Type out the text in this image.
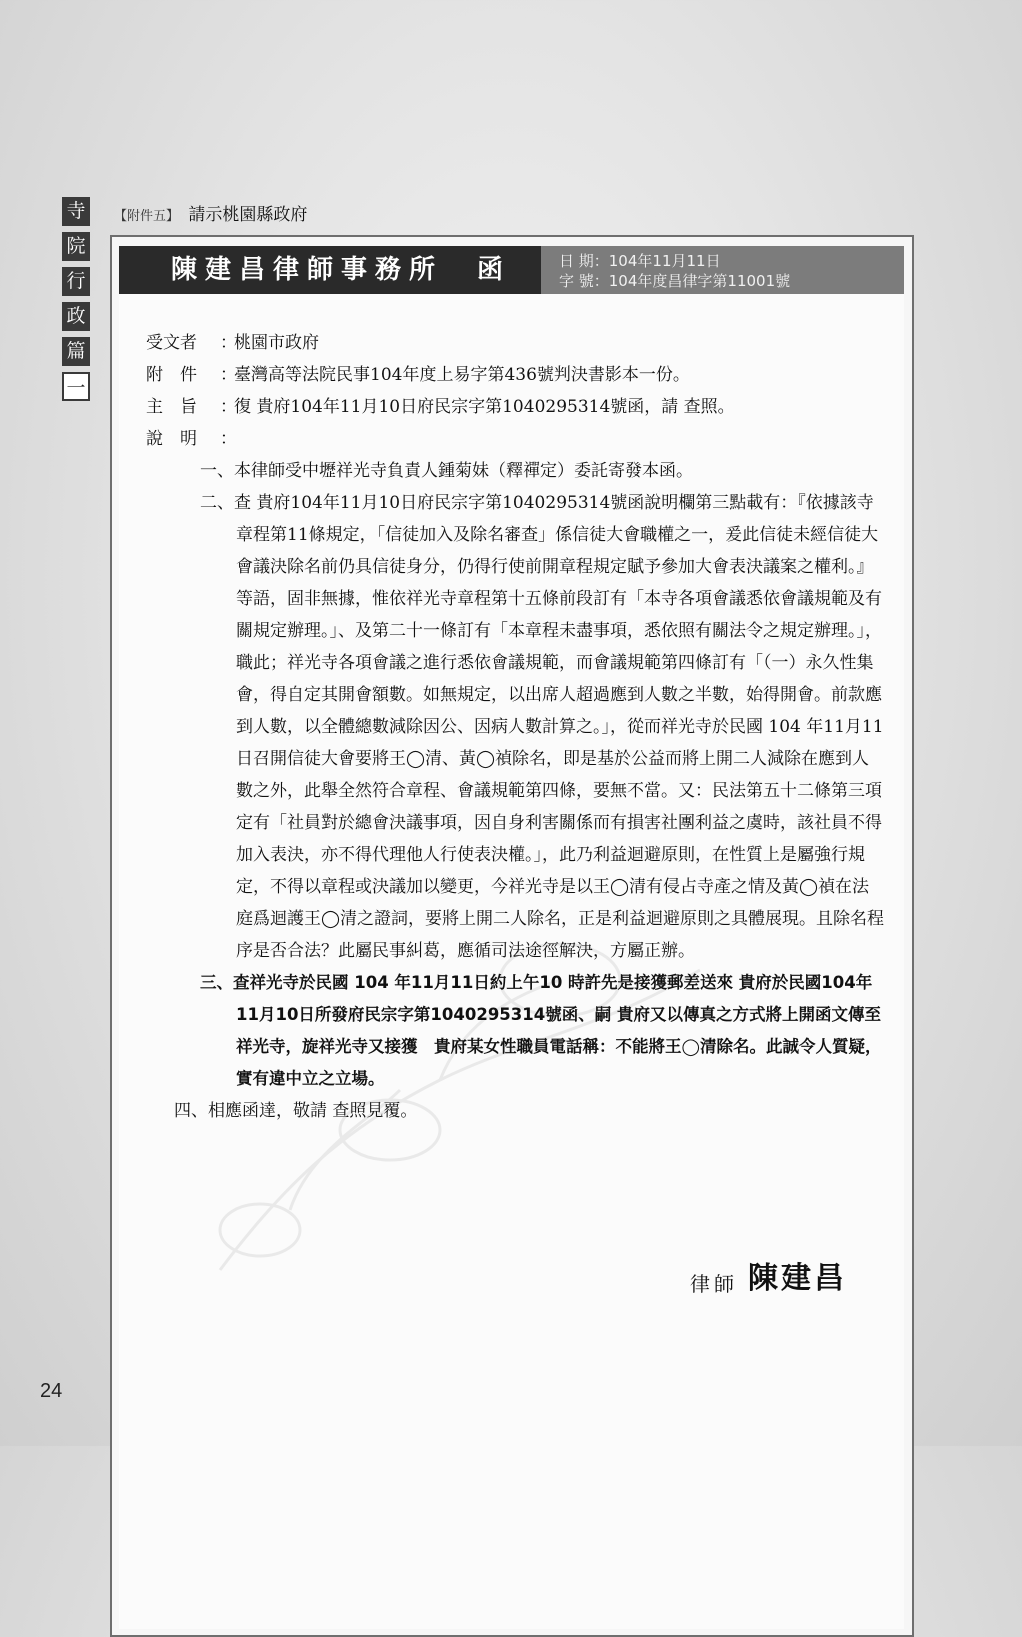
寺
院
行
政
篇
一
【附件五】 請示桃園縣政府
陳建昌律師事務所　函	日 期：104年11月11日
字 號：104年度昌律字第11001號
受文者	：
桃園市政府
附　件	：
臺灣高等法院民事104年度上易字第436號判決書影本一份。
主　旨	：
復 貴府104年11月10日府民宗字第1040295314號函，請 查照。
說　明	：

一、本律師受中壢祥光寺負責人鍾菊妹（釋禪定）委託寄發本函。

二、查 貴府104年11月10日府民宗字第1040295314號函說明欄第三點載有：『依據該寺章程第11條規定，「信徒加入及除名審查」係信徒大會職權之一，爰此信徒未經信徒大會議決除名前仍具信徒身分，仍得行使前開章程規定賦予參加大會表決議案之權利。』等語，固非無據，惟依祥光寺章程第十五條前段訂有「本寺各項會議悉依會議規範及有關規定辦理。」、及第二十一條訂有「本章程未盡事項，悉依照有關法令之規定辦理。」，職此；祥光寺各項會議之進行悉依會議規範，而會議規範第四條訂有「（一）永久性集會，得自定其開會額數。如無規定，以出席人超過應到人數之半數，始得開會。前款應到人數，以全體總數減除因公、因病人數計算之。」，從而祥光寺於民國 104 年11月11日召開信徒大會要將王◯清、黃◯禎除名，即是基於公益而將上開二人減除在應到人數之外，此舉全然符合章程、會議規範第四條，要無不當。又：民法第五十二條第三項定有「社員對於總會決議事項，因自身利害關係而有損害社團利益之虞時，該社員不得加入表決，亦不得代理他人行使表決權。」，此乃利益迴避原則，在性質上是屬強行規定，不得以章程或決議加以變更，今祥光寺是以王◯清有侵占寺產之情及黃◯禎在法庭爲迴護王◯清之證詞，要將上開二人除名，正是利益迴避原則之具體展現。且除名程序是否合法？此屬民事糾葛，應循司法途徑解決，方屬正辦。

三、查祥光寺於民國 104 年11月11日約上午10 時許先是接獲郵差送來 貴府於民國104年11月10日所發府民宗字第1040295314號函、嗣 貴府又以傳真之方式將上開函文傳至祥光寺，旋祥光寺又接獲　貴府某女性職員電話稱：不能將王◯清除名。此誠令人質疑，實有違中立之立場。

四、相應函達，敬請 查照見覆。

律師 陳建昌
24
